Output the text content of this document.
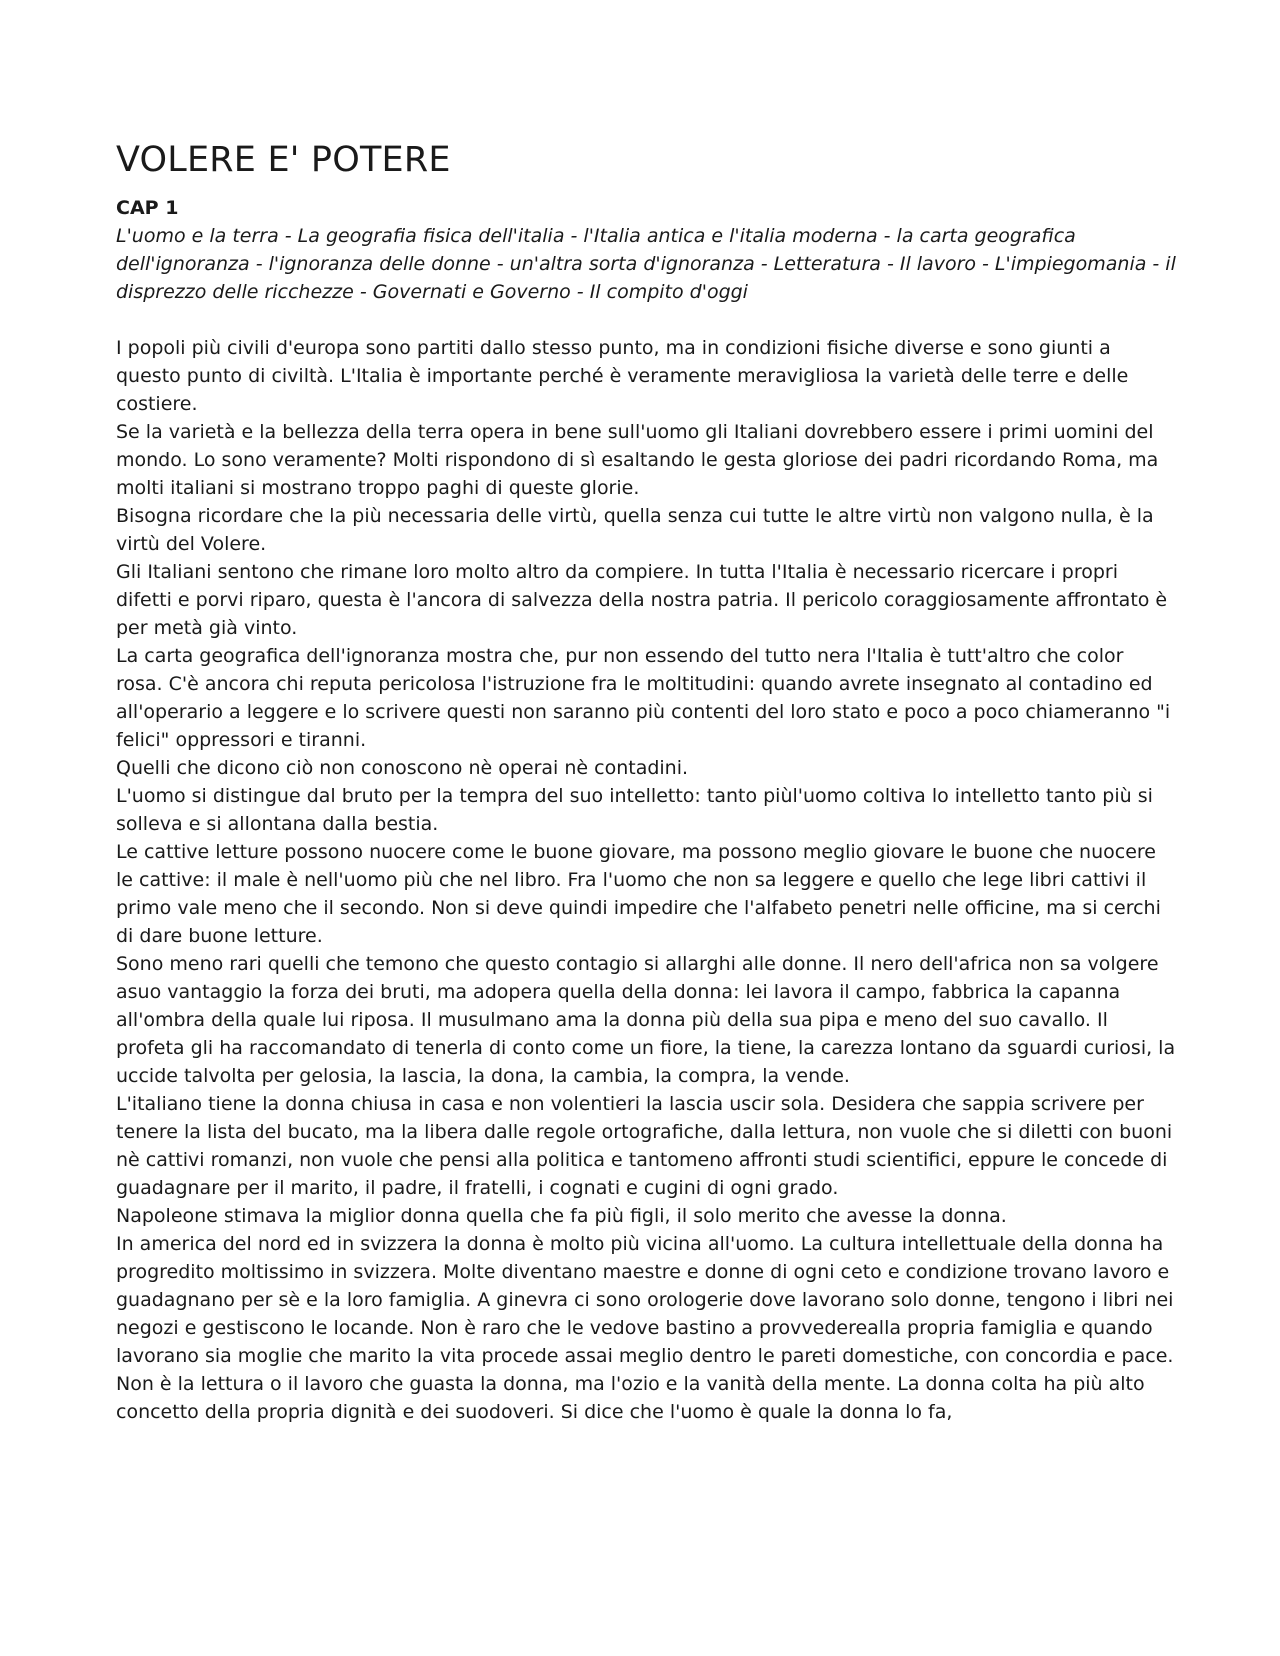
VOLERE E' POTERE
CAP 1
L'uomo e la terra - La geografia fisica dell'italia - l'Italia antica e l'italia moderna - la carta geografica dell'ignoranza - l'ignoranza delle donne - un'altra sorta d'ignoranza - Letteratura - Il lavoro - L'impiegomania - il disprezzo delle ricchezze - Governati e Governo - Il compito d'oggi

I popoli più civili d'europa sono partiti dallo stesso punto, ma in condizioni fisiche diverse e sono giunti a questo punto di civiltà. L'Italia è importante perché è veramente meravigliosa la varietà delle terre e delle costiere.

Se la varietà e la bellezza della terra opera in bene sull'uomo gli Italiani dovrebbero essere i primi uomini del mondo. Lo sono veramente? Molti rispondono di sì esaltando le gesta gloriose dei padri ricordando Roma, ma molti italiani si mostrano troppo paghi di queste glorie.

Bisogna ricordare che la più necessaria delle virtù, quella senza cui tutte le altre virtù non valgono nulla, è la virtù del Volere.

Gli Italiani sentono che rimane loro molto altro da compiere. In tutta l'Italia è necessario ricercare i propri difetti e porvi riparo, questa è l'ancora di salvezza della nostra patria. Il pericolo coraggiosamente affrontato è per metà già vinto.

La carta geografica dell'ignoranza mostra che, pur non essendo del tutto nera l'Italia è tutt'altro che color rosa. C'è ancora chi reputa pericolosa l'istruzione fra le moltitudini: quando avrete insegnato al contadino ed all'operario a leggere e lo scrivere questi non saranno più contenti del loro stato e poco a poco chiameranno "i felici" oppressori e tiranni.

Quelli che dicono ciò non conoscono nè operai nè contadini.

L'uomo si distingue dal bruto per la tempra del suo intelletto: tanto piùl'uomo coltiva lo intelletto tanto più si solleva e si allontana dalla bestia.

Le cattive letture possono nuocere come le buone giovare, ma possono meglio giovare le buone che nuocere le cattive: il male è nell'uomo più che nel libro. Fra l'uomo che non sa leggere e quello che lege libri cattivi il primo vale meno che il secondo. Non si deve quindi impedire che l'alfabeto penetri nelle officine, ma si cerchi di dare buone letture.

Sono meno rari quelli che temono che questo contagio si allarghi alle donne. Il nero dell'africa non sa volgere asuo vantaggio la forza dei bruti, ma adopera quella della donna: lei lavora il campo, fabbrica la capanna all'ombra della quale lui riposa. Il musulmano ama la donna più della sua pipa e meno del suo cavallo. Il profeta gli ha raccomandato di tenerla di conto come un fiore, la tiene, la carezza lontano da sguardi curiosi, la uccide talvolta per gelosia, la lascia, la dona, la cambia, la compra, la vende.

L'italiano tiene la donna chiusa in casa e non volentieri la lascia uscir sola. Desidera che sappia scrivere per tenere la lista del bucato, ma la libera dalle regole ortografiche, dalla lettura, non vuole che si diletti con buoni nè cattivi romanzi, non vuole che pensi alla politica e tantomeno affronti studi scientifici, eppure le concede di guadagnare per il marito, il padre, il fratelli, i cognati e cugini di ogni grado.

Napoleone stimava la miglior donna quella che fa più figli, il solo merito che avesse la donna.

In america del nord ed in svizzera la donna è molto più vicina all'uomo. La cultura intellettuale della donna ha progredito moltissimo in svizzera. Molte diventano maestre e donne di ogni ceto e condizione trovano lavoro e guadagnano per sè e la loro famiglia. A ginevra ci sono orologerie dove lavorano solo donne, tengono i libri nei negozi e gestiscono le locande. Non è raro che le vedove bastino a provvederealla propria famiglia e quando lavorano sia moglie che marito la vita procede assai meglio dentro le pareti domestiche, con concordia e pace.

Non è la lettura o il lavoro che guasta la donna, ma l'ozio e la vanità della mente. La donna colta ha più alto concetto della propria dignità e dei suodoveri. Si dice che l'uomo è quale la donna lo fa,
